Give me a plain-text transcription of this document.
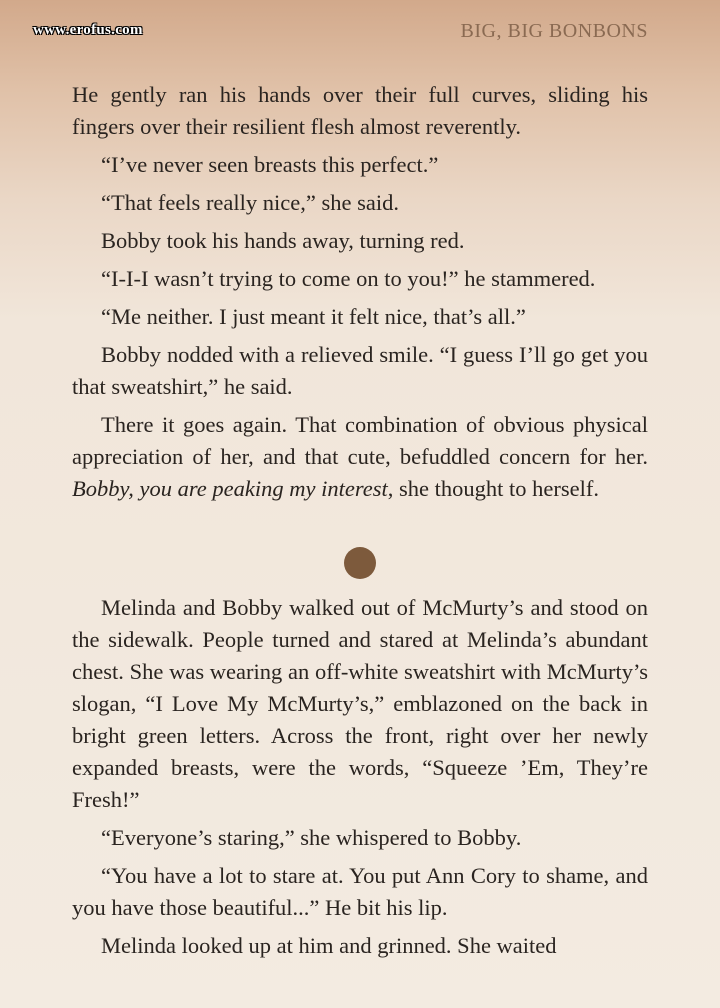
www.erofus.com	BIG, BIG BONBONS

He gently ran his hands over their full curves, sliding his fingers over their resilient flesh almost reverently.

“I’ve never seen breasts this perfect.”

“That feels really nice,” she said.

Bobby took his hands away, turning red.

“I-I-I wasn’t trying to come on to you!” he stammered.

“Me neither. I just meant it felt nice, that’s all.”

Bobby nodded with a relieved smile. “I guess I’ll go get you that sweatshirt,” he said.

There it goes again. That combination of obvious physical appreciation of her, and that cute, befuddled concern for her. Bobby, you are peaking my interest, she thought to herself.

Melinda and Bobby walked out of McMurty’s and stood on the sidewalk. People turned and stared at Melinda’s abundant chest. She was wearing an off-white sweatshirt with McMurty’s slogan, “I Love My McMurty’s,” emblazoned on the back in bright green letters. Across the front, right over her newly expanded breasts, were the words, “Squeeze ’Em, They’re Fresh!”

“Everyone’s staring,” she whispered to Bobby.

“You have a lot to stare at. You put Ann Cory to shame, and you have those beautiful...” He bit his lip.

Melinda looked up at him and grinned. She waited
